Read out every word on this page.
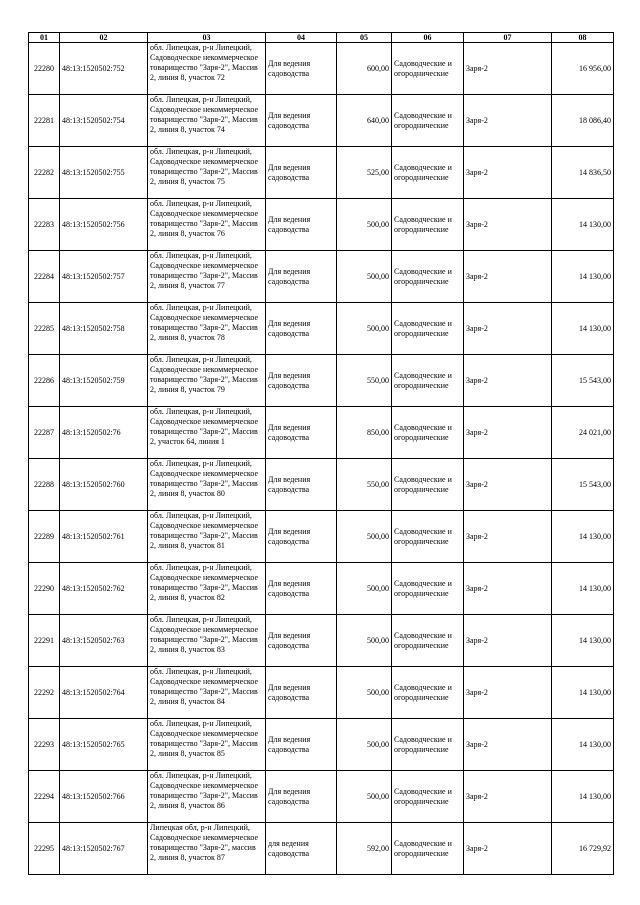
01	02	03	04	05	06	07	08
22280	48:13:1520502:752	обл. Липецкая, р-н Липецкий, Садоводческое некоммерческое товарищество "Заря-2", Массив 2, линия 8, участок 72	Для ведения садоводства	600,00	Садоводческие и огороднические	Заря-2	16 956,00
22281	48:13:1520502:754	обл. Липецкая, р-н Липецкий, Садоводческое некоммерческое товарищество "Заря-2", Массив 2, линия 8, участок 74	Для ведения садоводства	640,00	Садоводческие и огороднические	Заря-2	18 086,40
22282	48:13:1520502:755	обл. Липецкая, р-н Липецкий, Садоводческое некоммерческое товарищество "Заря-2", Массив 2, линия 8, участок 75	Для ведения садоводства	525,00	Садоводческие и огороднические	Заря-2	14 836,50
22283	48:13:1520502:756	обл. Липецкая, р-н Липецкий, Садоводческое некоммерческое товарищество "Заря-2", Массив 2, линия 8, участок 76	Для ведения садоводства	500,00	Садоводческие и огороднические	Заря-2	14 130,00
22284	48:13:1520502:757	обл. Липецкая, р-н Липецкий, Садоводческое некоммерческое товарищество "Заря-2", Массив 2, линия 8, участок 77	Для ведения садоводства	500,00	Садоводческие и огороднические	Заря-2	14 130,00
22285	48:13:1520502:758	обл. Липецкая, р-н Липецкий, Садоводческое некоммерческое товарищество "Заря-2", Массив 2, линия 8, участок 78	Для ведения садоводства	500,00	Садоводческие и огороднические	Заря-2	14 130,00
22286	48:13:1520502:759	обл. Липецкая, р-н Липецкий, Садоводческое некоммерческое товарищество "Заря-2", Массив 2, линия 8, участок 79	Для ведения садоводства	550,00	Садоводческие и огороднические	Заря-2	15 543,00
22287	48:13:1520502:76	обл. Липецкая, р-н Липецкий, Садоводческое некоммерческое товарищество "Заря-2", Массив 2, участок 64, линия 1	Для ведения садоводства	850,00	Садоводческие и огороднические	Заря-2	24 021,00
22288	48:13:1520502:760	обл. Липецкая, р-н Липецкий, Садоводческое некоммерческое товарищество "Заря-2", Массив 2, линия 8, участок 80	Для ведения садоводства	550,00	Садоводческие и огороднические	Заря-2	15 543,00
22289	48:13:1520502:761	обл. Липецкая, р-н Липецкий, Садоводческое некоммерческое товарищество "Заря-2", Массив 2, линия 8, участок 81	Для ведения садоводства	500,00	Садоводческие и огороднические	Заря-2	14 130,00
22290	48:13:1520502:762	обл. Липецкая, р-н Липецкий, Садоводческое некоммерческое товарищество "Заря-2", Массив 2, линия 8, участок 82	Для ведения садоводства	500,00	Садоводческие и огороднические	Заря-2	14 130,00
22291	48:13:1520502:763	обл. Липецкая, р-н Липецкий, Садоводческое некоммерческое товарищество "Заря-2", Массив 2, линия 8, участок 83	Для ведения садоводства	500,00	Садоводческие и огороднические	Заря-2	14 130,00
22292	48:13:1520502:764	обл. Липецкая, р-н Липецкий, Садоводческое некоммерческое товарищество "Заря-2", Массив 2, линия 8, участок 84	Для ведения садоводства	500,00	Садоводческие и огороднические	Заря-2	14 130,00
22293	48:13:1520502:765	обл. Липецкая, р-н Липецкий, Садоводческое некоммерческое товарищество "Заря-2", Массив 2, линия 8, участок 85	Для ведения садоводства	500,00	Садоводческие и огороднические	Заря-2	14 130,00
22294	48:13:1520502:766	обл. Липецкая, р-н Липецкий, Садоводческое некоммерческое товарищество "Заря-2", Массив 2, линия 8, участок 86	Для ведения садоводства	500,00	Садоводческие и огороднические	Заря-2	14 130,00
22295	48:13:1520502:767	Липецкая обл, р-н Липецкий, Садоводческое некоммерческое товарищество "Заря-2", массив 2, линия 8, участок 87	для ведения садоводства	592,00	Садоводческие и огороднические	Заря-2	16 729,92
